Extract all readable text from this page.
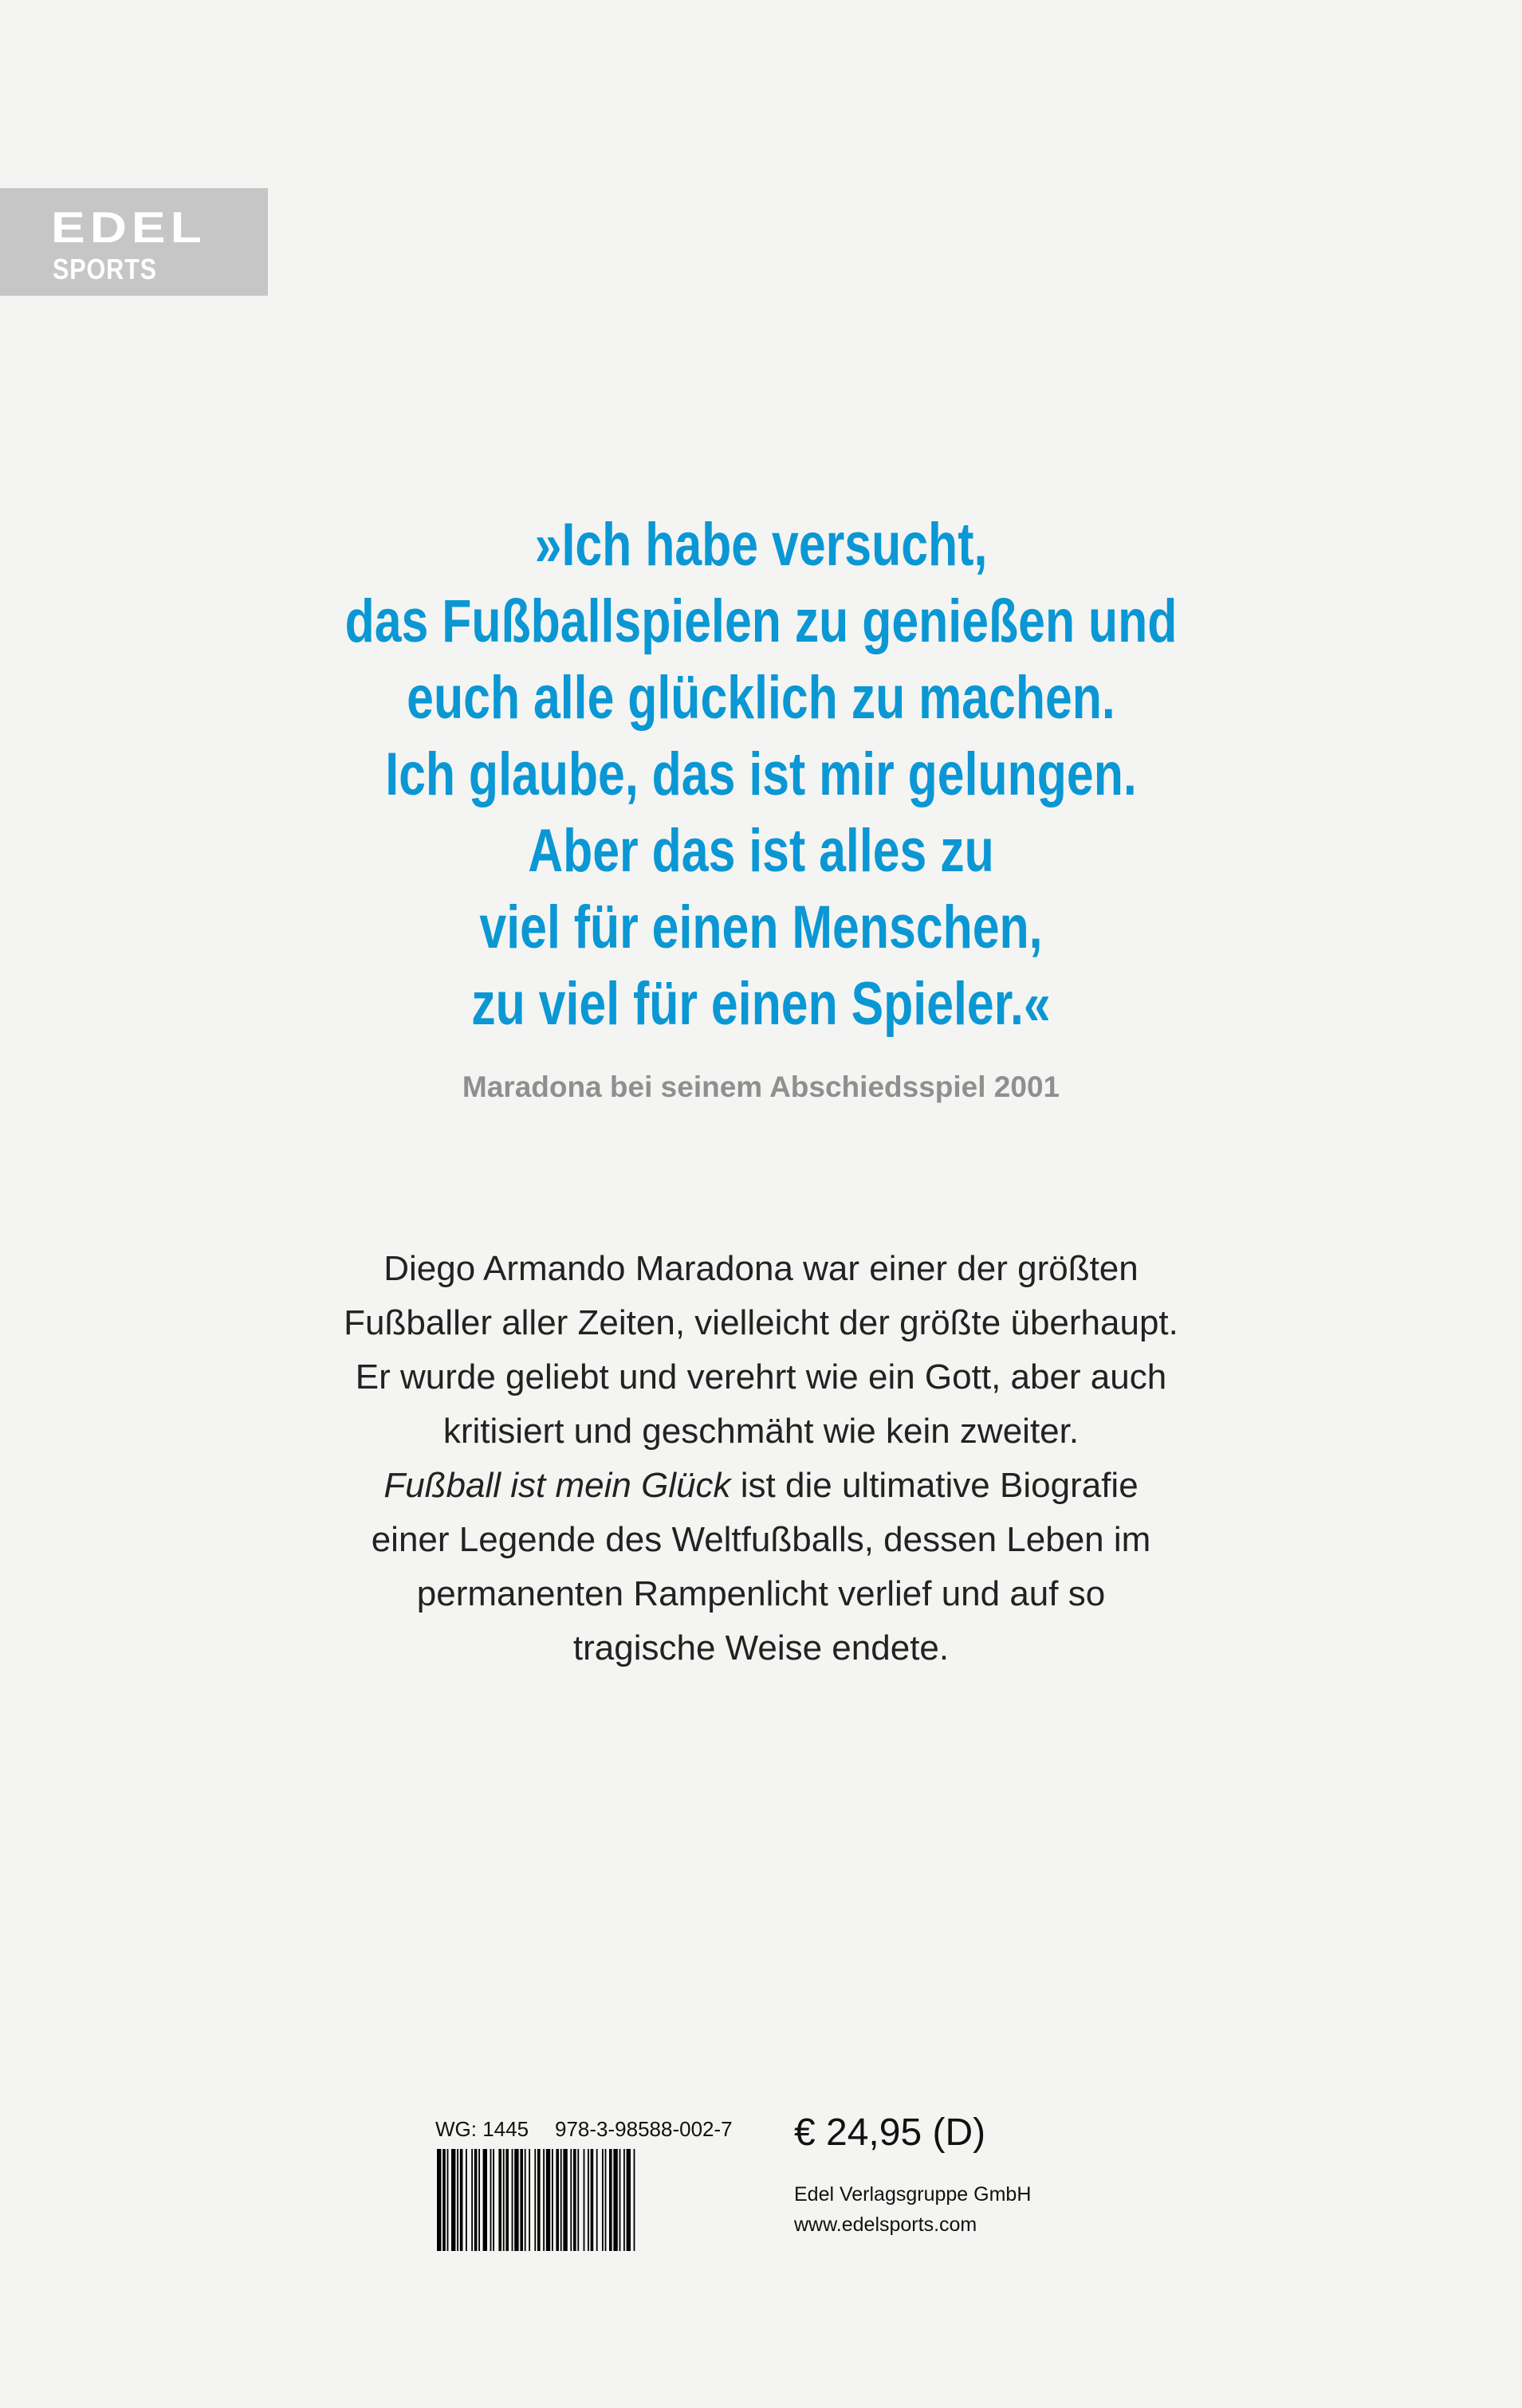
EDEL
SPORTS
»Ich habe versucht,
das Fußballspielen zu genießen und
euch alle glücklich zu machen.
Ich glaube, das ist mir gelungen.
Aber das ist alles zu
viel für einen Menschen,
zu viel für einen Spieler.«
Maradona bei seinem Abschiedsspiel 2001
Diego Armando Maradona war einer der größten
Fußballer aller Zeiten, vielleicht der größte überhaupt.
Er wurde geliebt und verehrt wie ein Gott, aber auch
kritisiert und geschmäht wie kein zweiter.
Fußball ist mein Glück ist die ultimative Biografie
einer Legende des Weltfußballs, dessen Leben im
permanenten Rampenlicht verlief und auf so
tragische Weise endete.
WG: 1445 978-3-98588-002-7 € 24,95 (D)
Edel Verlagsgruppe GmbH
www.edelsports.com
